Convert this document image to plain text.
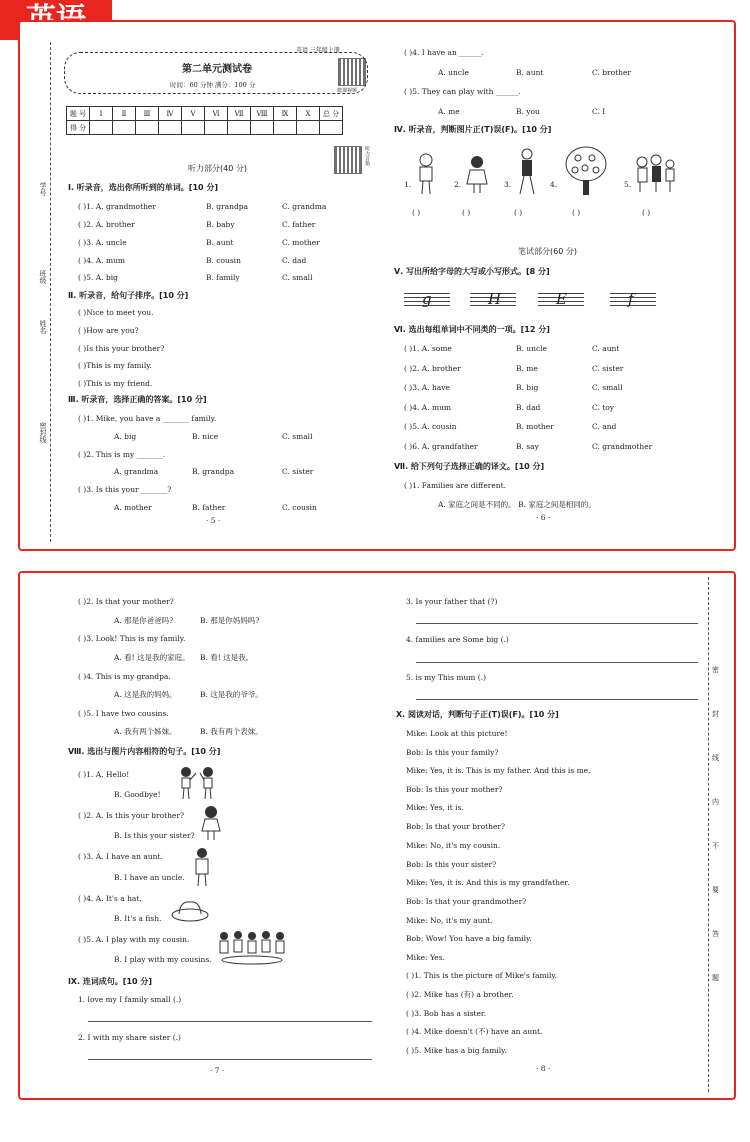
学号
班级
姓名
密封线
英语 三年级上册
第二单元测试卷
时间：60 分钟 满分：100 分
微课视频
题 号	Ⅰ	Ⅱ	Ⅲ	Ⅳ	Ⅴ	Ⅵ	Ⅶ	Ⅷ	Ⅸ	Ⅹ	总 分
得 分											
听力音频
听力部分(40 分)
Ⅰ. 听录音，选出你所听到的单词。[10 分]
( )1. A. grandmother	B. grandpa	C. grandma
( )2. A. brother	B. baby	C. father
( )3. A. uncle	B. aunt	C. mother
( )4. A. mum	B. cousin	C. dad
( )5. A. big	B. family	C. small
Ⅱ. 听录音，给句子排序。[10 分]
( )Nice to meet you.
( )How are you?
( )Is this your brother?
( )This is my family.
( )This is my friend.
Ⅲ. 听录音，选择正确的答案。[10 分]
( )1. Mike, you have a _______ family.
A. big	B. nice	C. small
( )2. This is my _______.
A. grandma	B. grandpa	C. sister
( )3. Is this your _______?
A. mother	B. father	C. cousin
· 5 ·
( )4. I have an ______.
A. uncle	B. aunt	C. brother
( )5. They can play with ______.
A. me	B. you	C. I
Ⅳ. 听录音，判断图片正(T)误(F)。[10 分]
1.	2.	3.	4.	5.
( )	( )	( )	( )	( )
笔试部分(60 分)
Ⅴ. 写出所给字母的大写或小写形式。[8 分]
g	H	E	f
Ⅵ. 选出每组单词中不同类的一项。[12 分]
( )1. A. some	B. uncle	C. aunt
( )2. A. brother	B. me	C. sister
( )3. A. have	B. big	C. small
( )4. A. mum	B. dad	C. toy
( )5. A. cousin	B. mother	C. and
( )6. A. grandfather	B. say	C. grandmother
Ⅶ. 给下列句子选择正确的译文。[10 分]
( )1. Families are different.
A. 家庭之间是不同的。 B. 家庭之间是相同的。
· 6 ·
( )2. Is that your mother?
A. 那是你爸爸吗?	B. 那是你妈妈吗?
( )3. Look! This is my family.
A. 看! 这是我的家庭。 B. 看! 这是我。
( )4. This is my grandpa.
A. 这是我的妈妈。	B. 这是我的爷爷。
( )5. I have two cousins.
A. 我有两个姊妹。	B. 我有两个表妹。
Ⅷ. 选出与图片内容相符的句子。[10 分]
( )1. A. Hello!
B. Goodbye!
( )2. A. Is this your brother?
B. Is this your sister?
( )3. A. I have an aunt.
B. I have an uncle.
( )4. A. It's a hat.
B. It's a fish.
( )5. A. I play with my cousin.
B. I play with my cousins.
Ⅸ. 连词成句。[10 分]
1. love my I family small (.)
2. I with my share sister (.)
· 7 ·
3. Is your father that (?)
4. families are Some big (.)
5. is my This mum (.)
Ⅹ. 阅读对话，判断句子正(T)误(F)。[10 分]
Mike: Look at this picture!
Bob: Is this your family?
Mike: Yes, it is. This is my father. And this is me.
Bob: Is this your mother?
Mike: Yes, it is.
Bob: Is that your brother?
Mike: No, it's my cousin.
Bob: Is this your sister?
Mike: Yes, it is. And this is my grandfather.
Bob: Is that your grandmother?
Mike: No, it's my aunt.
Bob: Wow! You have a big family.
Mike: Yes.
( )1. This is the picture of Mike's family.
( )2. Mike has (有) a brother.
( )3. Bob has a sister.
( )4. Mike doesn't (不) have an aunt.
( )5. Mike has a big family.
· 8 ·
密
封
线
内
不
要
答
题
